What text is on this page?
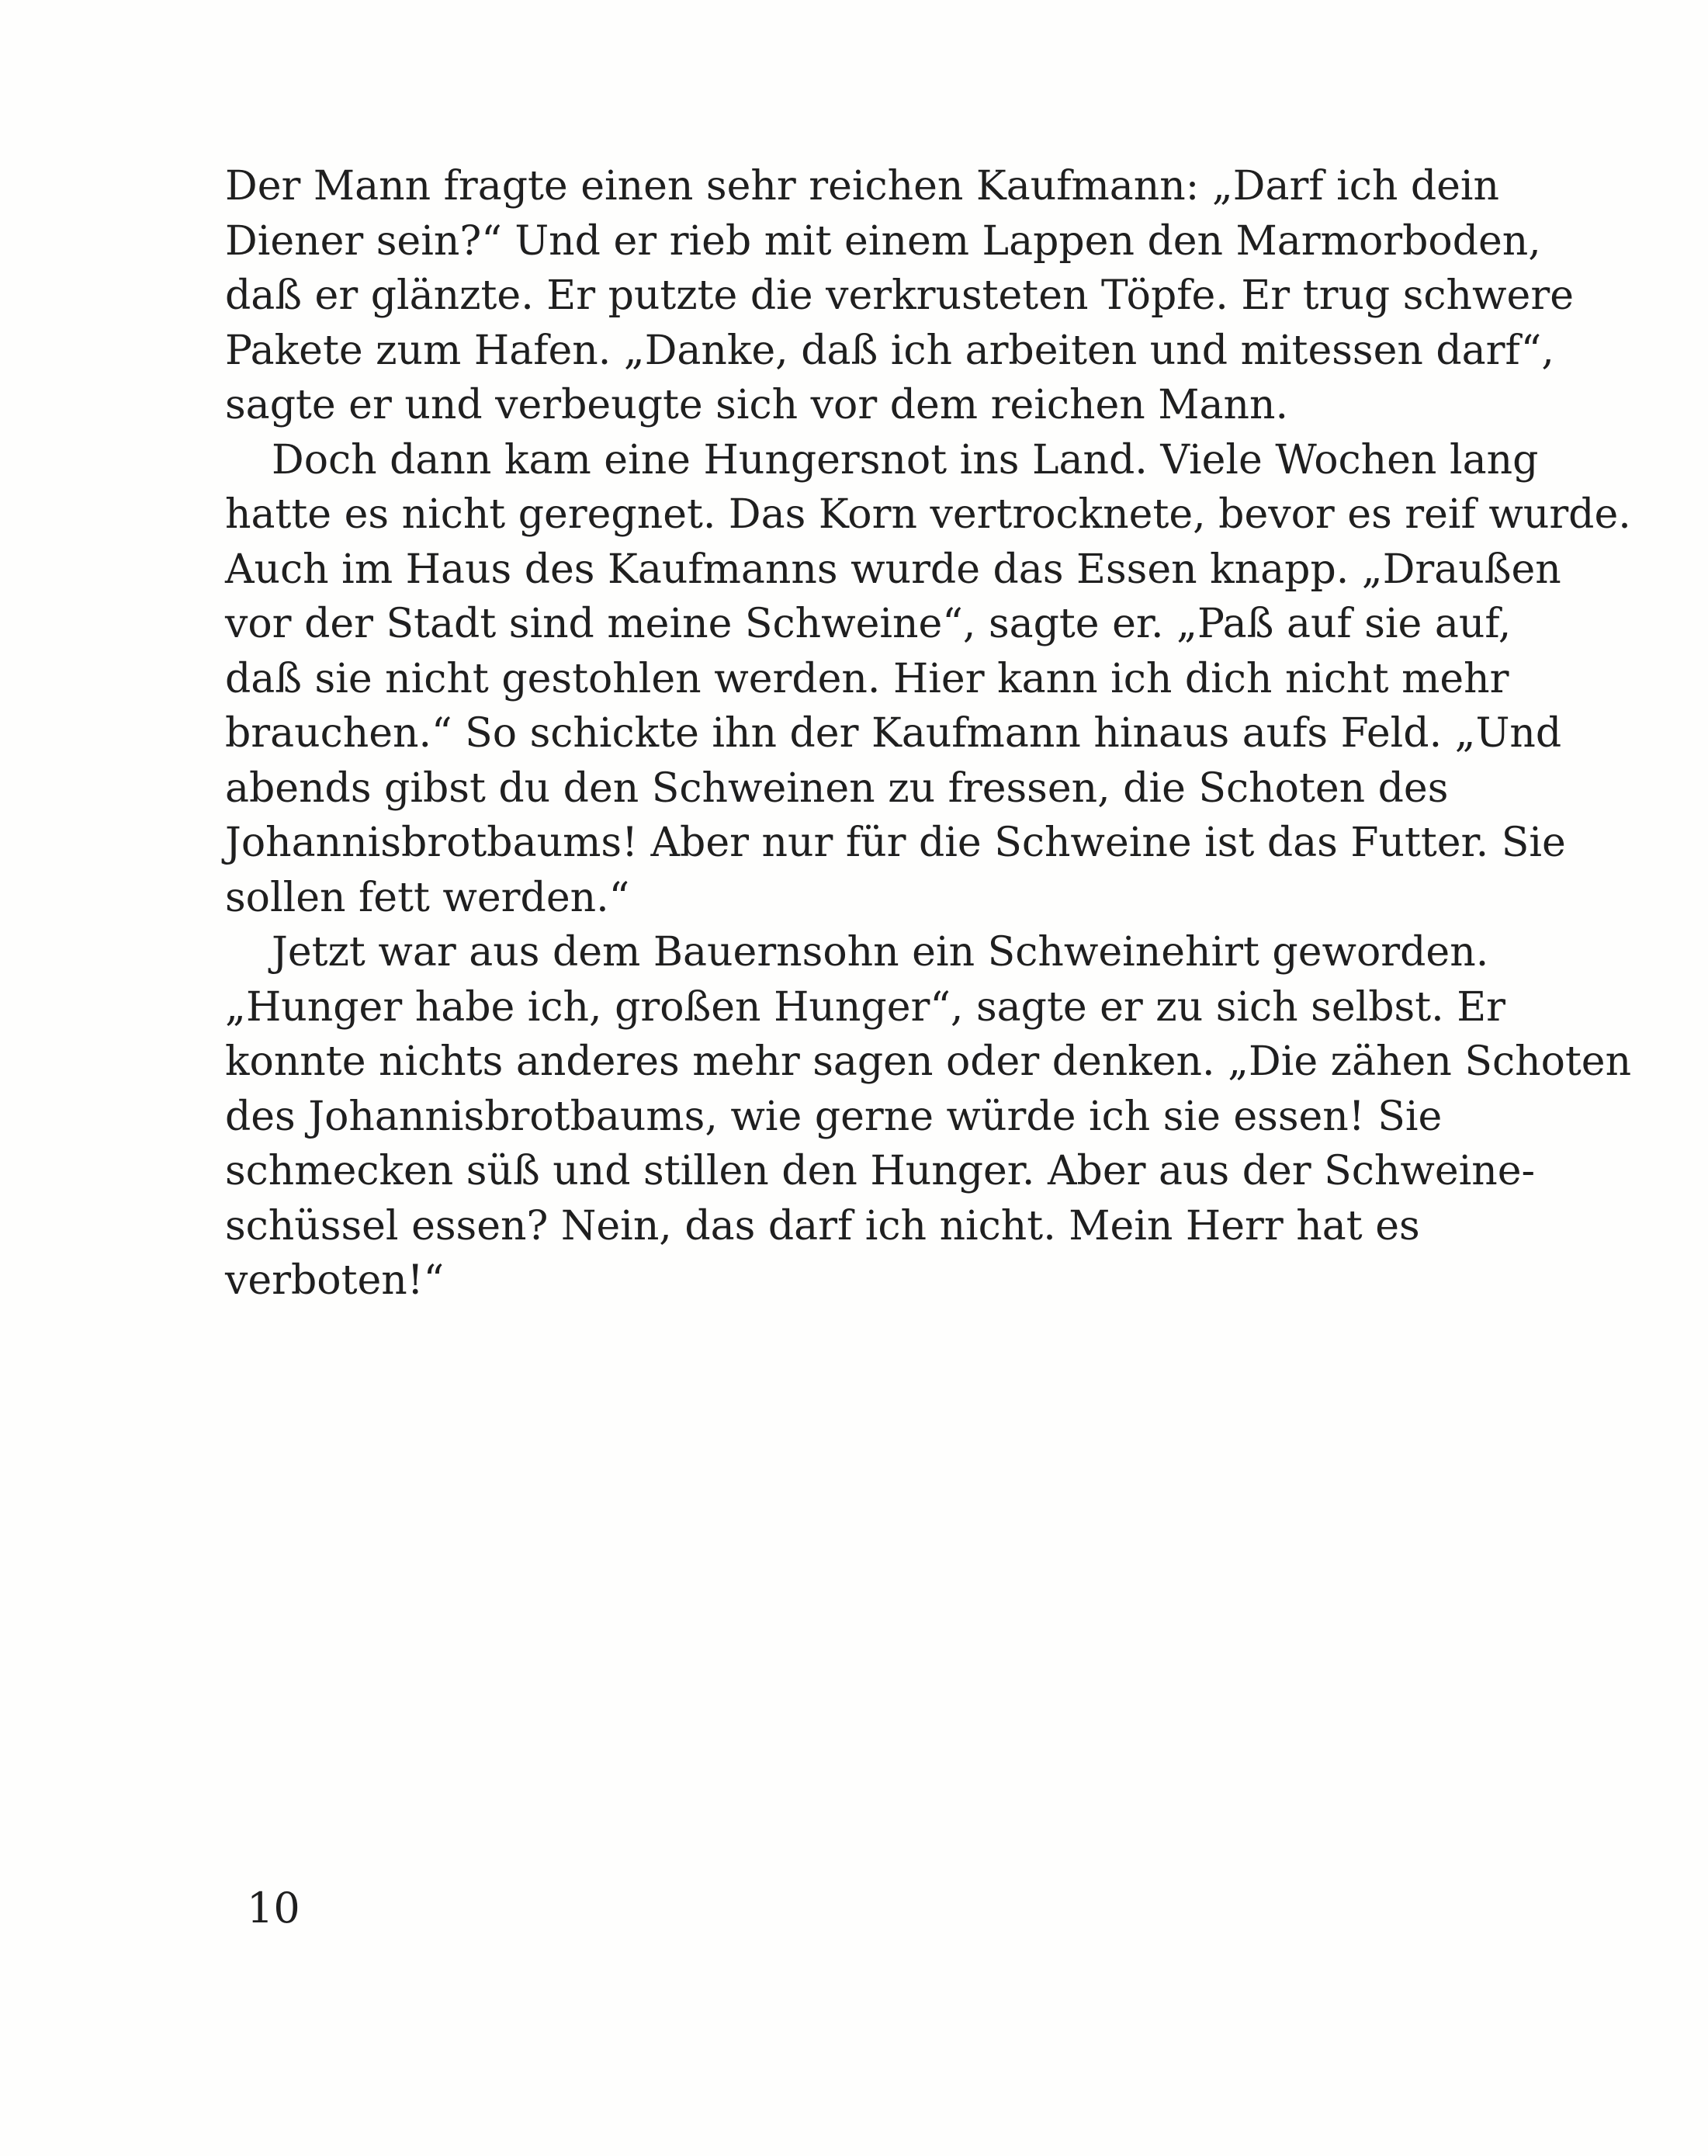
Der Mann fragte einen sehr reichen Kaufmann: „Darf ich dein
Diener sein?“ Und er rieb mit einem Lappen den Marmorboden,
daß er glänzte. Er putzte die verkrusteten Töpfe. Er trug schwere
Pakete zum Hafen. „Danke, daß ich arbeiten und mitessen darf“,
sagte er und verbeugte sich vor dem reichen Mann.
Doch dann kam eine Hungersnot ins Land. Viele Wochen lang
hatte es nicht geregnet. Das Korn vertrocknete, bevor es reif wurde.
Auch im Haus des Kaufmanns wurde das Essen knapp. „Draußen
vor der Stadt sind meine Schweine“, sagte er. „Paß auf sie auf,
daß sie nicht gestohlen werden. Hier kann ich dich nicht mehr
brauchen.“ So schickte ihn der Kaufmann hinaus aufs Feld. „Und
abends gibst du den Schweinen zu fressen, die Schoten des
Johannisbrotbaums! Aber nur für die Schweine ist das Futter. Sie
sollen fett werden.“
Jetzt war aus dem Bauernsohn ein Schweinehirt geworden.
„Hunger habe ich, großen Hunger“, sagte er zu sich selbst. Er
konnte nichts anderes mehr sagen oder denken. „Die zähen Schoten
des Johannisbrotbaums, wie gerne würde ich sie essen! Sie
schmecken süß und stillen den Hunger. Aber aus der Schweine-
schüssel essen? Nein, das darf ich nicht. Mein Herr hat es
verboten!“
10
